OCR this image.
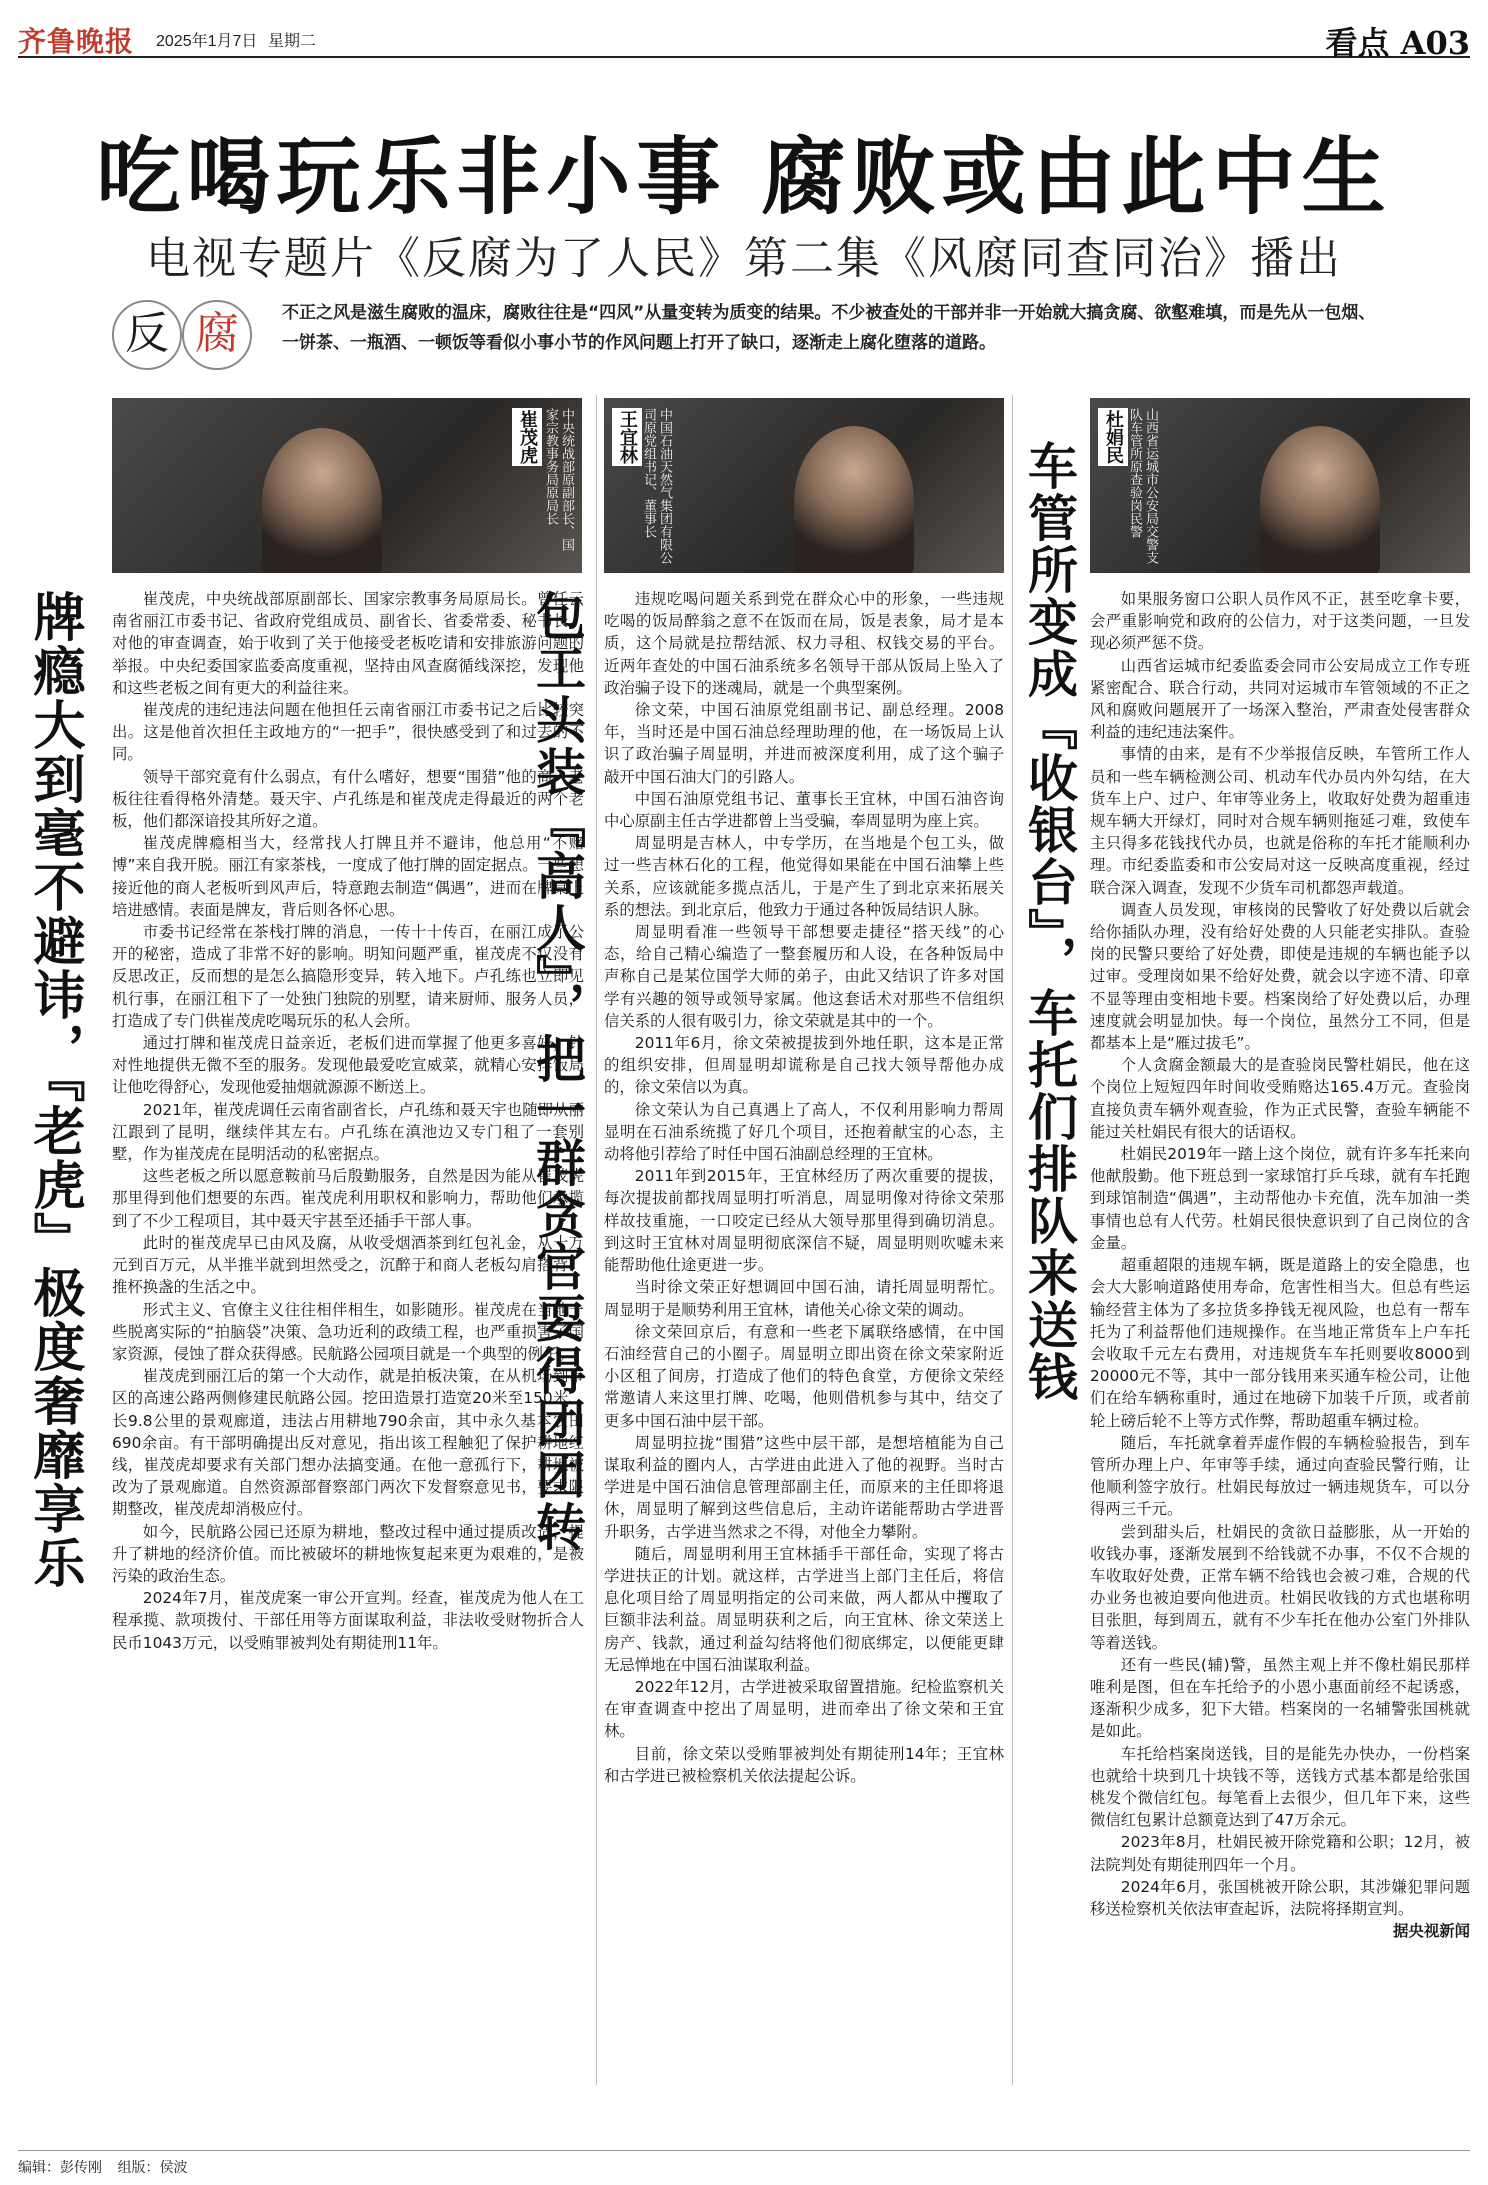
齐鲁晚报 2025年1月7日 星期二	看点 A03
吃喝玩乐非小事 腐败或由此中生
电视专题片《反腐为了人民》第二集《风腐同查同治》播出
反 腐	不正之风是滋生腐败的温床，腐败往往是“四风”从量变转为质变的结果。不少被查处的干部并非一开始就大搞贪腐、欲壑难填，而是先从一包烟、一饼茶、一瓶酒、一顿饭等看似小事小节的作风问题上打开了缺口，逐渐走上腐化堕落的道路。
崔茂虎	中央统战部原副部长、国家宗教事务局原局长
牌瘾大到毫不避讳，『老虎』极度奢靡享乐	崔茂虎，中央统战部原副部长、国家宗教事务局原局长。曾任云南省丽江市委书记、省政府党组成员、副省长、省委常委、秘书长。对他的审查调查，始于收到了关于他接受老板吃请和安排旅游问题的举报。中央纪委国家监委高度重视，坚持由风查腐循线深挖，发现他和这些老板之间有更大的利益往来。

崔茂虎的违纪违法问题在他担任云南省丽江市委书记之后比较突出。这是他首次担任主政地方的“一把手”，很快感受到了和过去的不同。

领导干部究竟有什么弱点，有什么嗜好，想要“围猎”他的商人老板往往看得格外清楚。聂天宇、卢孔练是和崔茂虎走得最近的两个老板，他们都深谙投其所好之道。

崔茂虎牌瘾相当大，经常找人打牌且并不避讳，他总用“不赌博”来自我开脱。丽江有家茶栈，一度成了他打牌的固定据点。一些想接近他的商人老板听到风声后，特意跑去制造“偶遇”，进而在牌桌上培进感情。表面是牌友，背后则各怀心思。

市委书记经常在茶栈打牌的消息，一传十十传百，在丽江成了公开的秘密，造成了非常不好的影响。明知问题严重，崔茂虎不仅没有反思改正，反而想的是怎么搞隐形变异，转入地下。卢孔练也立即见机行事，在丽江租下了一处独门独院的别墅，请来厨师、服务人员，打造成了专门供崔茂虎吃喝玩乐的私人会所。

通过打牌和崔茂虎日益亲近，老板们进而掌握了他更多喜好，针对性地提供无微不至的服务。发现他最爱吃宣威菜，就精心安排饭局让他吃得舒心，发现他爱抽烟就源源不断送上。

2021年，崔茂虎调任云南省副省长，卢孔练和聂天宇也随即从丽江跟到了昆明，继续伴其左右。卢孔练在滇池边又专门租了一套别墅，作为崔茂虎在昆明活动的私密据点。

这些老板之所以愿意鞍前马后殷勤服务，自然是因为能从崔茂虎那里得到他们想要的东西。崔茂虎利用职权和影响力，帮助他们承揽到了不少工程项目，其中聂天宇甚至还插手干部人事。

此时的崔茂虎早已由风及腐，从收受烟酒茶到红包礼金，从十万元到百万元，从半推半就到坦然受之，沉醉于和商人老板勾肩搭背、推杯换盏的生活之中。

形式主义、官僚主义往往相伴相生，如影随形。崔茂虎在当地一些脱离实际的“拍脑袋”决策、急功近利的政绩工程，也严重损害了国家资源，侵蚀了群众获得感。民航路公园项目就是一个典型的例子。

崔茂虎到丽江后的第一个大动作，就是拍板决策，在从机场到市区的高速公路两侧修建民航路公园。挖田造景打造宽20米至150米、长9.8公里的景观廊道，违法占用耕地790余亩，其中永久基本农田690余亩。有干部明确提出反对意见，指出该工程触犯了保护耕地红线，崔茂虎却要求有关部门想办法搞变通。在他一意孤行下，耕地被改为了景观廊道。自然资源部督察部门两次下发督察意见书，要求限期整改，崔茂虎却消极应付。

如今，民航路公园已还原为耕地，整改过程中通过提质改造，提升了耕地的经济价值。而比被破坏的耕地恢复起来更为艰难的，是被污染的政治生态。

2024年7月，崔茂虎案一审公开宣判。经查，崔茂虎为他人在工程承揽、款项拨付、干部任用等方面谋取利益，非法收受财物折合人民币1043万元，以受贿罪被判处有期徒刑11年。

王宜林	中国石油天然气集团有限公司原党组书记、董事长
包工头装『高人』，把一群贪官耍得团团转	违规吃喝问题关系到党在群众心中的形象，一些违规吃喝的饭局醉翁之意不在饭而在局，饭是表象，局才是本质，这个局就是拉帮结派、权力寻租、权钱交易的平台。近两年查处的中国石油系统多名领导干部从饭局上坠入了政治骗子设下的迷魂局，就是一个典型案例。

徐文荣，中国石油原党组副书记、副总经理。2008年，当时还是中国石油总经理助理的他，在一场饭局上认识了政治骗子周显明，并进而被深度利用，成了这个骗子敲开中国石油大门的引路人。

中国石油原党组书记、董事长王宜林，中国石油咨询中心原副主任古学进都曾上当受骗，奉周显明为座上宾。

周显明是吉林人，中专学历，在当地是个包工头，做过一些吉林石化的工程，他觉得如果能在中国石油攀上些关系，应该就能多揽点活儿，于是产生了到北京来拓展关系的想法。到北京后，他致力于通过各种饭局结识人脉。

周显明看准一些领导干部想要走捷径“搭天线”的心态，给自己精心编造了一整套履历和人设，在各种饭局中声称自己是某位国学大师的弟子，由此又结识了许多对国学有兴趣的领导或领导家属。他这套话术对那些不信组织信关系的人很有吸引力，徐文荣就是其中的一个。

2011年6月，徐文荣被提拔到外地任职，这本是正常的组织安排，但周显明却谎称是自己找大领导帮他办成的，徐文荣信以为真。

徐文荣认为自己真遇上了高人，不仅利用影响力帮周显明在石油系统揽了好几个项目，还抱着献宝的心态，主动将他引荐给了时任中国石油副总经理的王宜林。

2011年到2015年，王宜林经历了两次重要的提拔，每次提拔前都找周显明打听消息，周显明像对待徐文荣那样故技重施，一口咬定已经从大领导那里得到确切消息。到这时王宜林对周显明彻底深信不疑，周显明则吹嘘未来能帮助他仕途更进一步。

当时徐文荣正好想调回中国石油，请托周显明帮忙。周显明于是顺势利用王宜林，请他关心徐文荣的调动。

徐文荣回京后，有意和一些老下属联络感情，在中国石油经营自己的小圈子。周显明立即出资在徐文荣家附近小区租了间房，打造成了他们的特色食堂，方便徐文荣经常邀请人来这里打牌、吃喝，他则借机参与其中，结交了更多中国石油中层干部。

周显明拉拢“围猎”这些中层干部，是想培植能为自己谋取利益的圈内人，古学进由此进入了他的视野。当时古学进是中国石油信息管理部副主任，而原来的主任即将退休，周显明了解到这些信息后，主动许诺能帮助古学进晋升职务，古学进当然求之不得，对他全力攀附。

随后，周显明利用王宜林插手干部任命，实现了将古学进扶正的计划。就这样，古学进当上部门主任后，将信息化项目给了周显明指定的公司来做，两人都从中攫取了巨额非法利益。周显明获利之后，向王宜林、徐文荣送上房产、钱款，通过利益勾结将他们彻底绑定，以便能更肆无忌惮地在中国石油谋取利益。

2022年12月，古学进被采取留置措施。纪检监察机关在审查调查中挖出了周显明，进而牵出了徐文荣和王宜林。

目前，徐文荣以受贿罪被判处有期徒刑14年；王宜林和古学进已被检察机关依法提起公诉。

杜娟民	山西省运城市公安局交警支队车管所原查验岗民警
车管所变成『收银台』，车托们排队来送钱	如果服务窗口公职人员作风不正，甚至吃拿卡要，会严重影响党和政府的公信力，对于这类问题，一旦发现必须严惩不贷。

山西省运城市纪委监委会同市公安局成立工作专班紧密配合、联合行动，共同对运城市车管领域的不正之风和腐败问题展开了一场深入整治，严肃查处侵害群众利益的违纪违法案件。

事情的由来，是有不少举报信反映，车管所工作人员和一些车辆检测公司、机动车代办员内外勾结，在大货车上户、过户、年审等业务上，收取好处费为超重违规车辆大开绿灯，同时对合规车辆则拖延刁难，致使车主只得多花钱找代办员，也就是俗称的车托才能顺利办理。市纪委监委和市公安局对这一反映高度重视，经过联合深入调查，发现不少货车司机都怨声载道。

调查人员发现，审核岗的民警收了好处费以后就会给你插队办理，没有给好处费的人只能老实排队。查验岗的民警只要给了好处费，即使是违规的车辆也能予以过审。受理岗如果不给好处费，就会以字迹不清、印章不显等理由变相地卡要。档案岗给了好处费以后，办理速度就会明显加快。每一个岗位，虽然分工不同，但是都基本上是“雁过拔毛”。

个人贪腐金额最大的是查验岗民警杜娟民，他在这个岗位上短短四年时间收受贿赂达165.4万元。查验岗直接负责车辆外观查验，作为正式民警，查验车辆能不能过关杜娟民有很大的话语权。

杜娟民2019年一踏上这个岗位，就有许多车托来向他献殷勤。他下班总到一家球馆打乒乓球，就有车托跑到球馆制造“偶遇”，主动帮他办卡充值，洗车加油一类事情也总有人代劳。杜娟民很快意识到了自己岗位的含金量。

超重超限的违规车辆，既是道路上的安全隐患，也会大大影响道路使用寿命，危害性相当大。但总有些运输经营主体为了多拉货多挣钱无视风险，也总有一帮车托为了利益帮他们违规操作。在当地正常货车上户车托会收取千元左右费用，对违规货车车托则要收8000到20000元不等，其中一部分钱用来买通车检公司，让他们在给车辆称重时，通过在地磅下加装千斤顶，或者前轮上磅后轮不上等方式作弊，帮助超重车辆过检。

随后，车托就拿着弄虚作假的车辆检验报告，到车管所办理上户、年审等手续，通过向查验民警行贿，让他顺利签字放行。杜娟民每放过一辆违规货车，可以分得两三千元。

尝到甜头后，杜娟民的贪欲日益膨胀，从一开始的收钱办事，逐渐发展到不给钱就不办事，不仅不合规的车收取好处费，正常车辆不给钱也会被刁难，合规的代办业务也被迫要向他进贡。杜娟民收钱的方式也堪称明目张胆，每到周五，就有不少车托在他办公室门外排队等着送钱。

还有一些民(辅)警，虽然主观上并不像杜娟民那样唯利是图，但在车托给予的小恩小惠面前经不起诱惑，逐渐积少成多，犯下大错。档案岗的一名辅警张国桃就是如此。

车托给档案岗送钱，目的是能先办快办，一份档案也就给十块到几十块钱不等，送钱方式基本都是给张国桃发个微信红包。每笔看上去很少，但几年下来，这些微信红包累计总额竟达到了47万余元。

2023年8月，杜娟民被开除党籍和公职；12月，被法院判处有期徒刑四年一个月。

2024年6月，张国桃被开除公职，其涉嫌犯罪问题移送检察机关依法审查起诉，法院将择期宣判。

据央视新闻
编辑：彭传刚 组版：侯波
